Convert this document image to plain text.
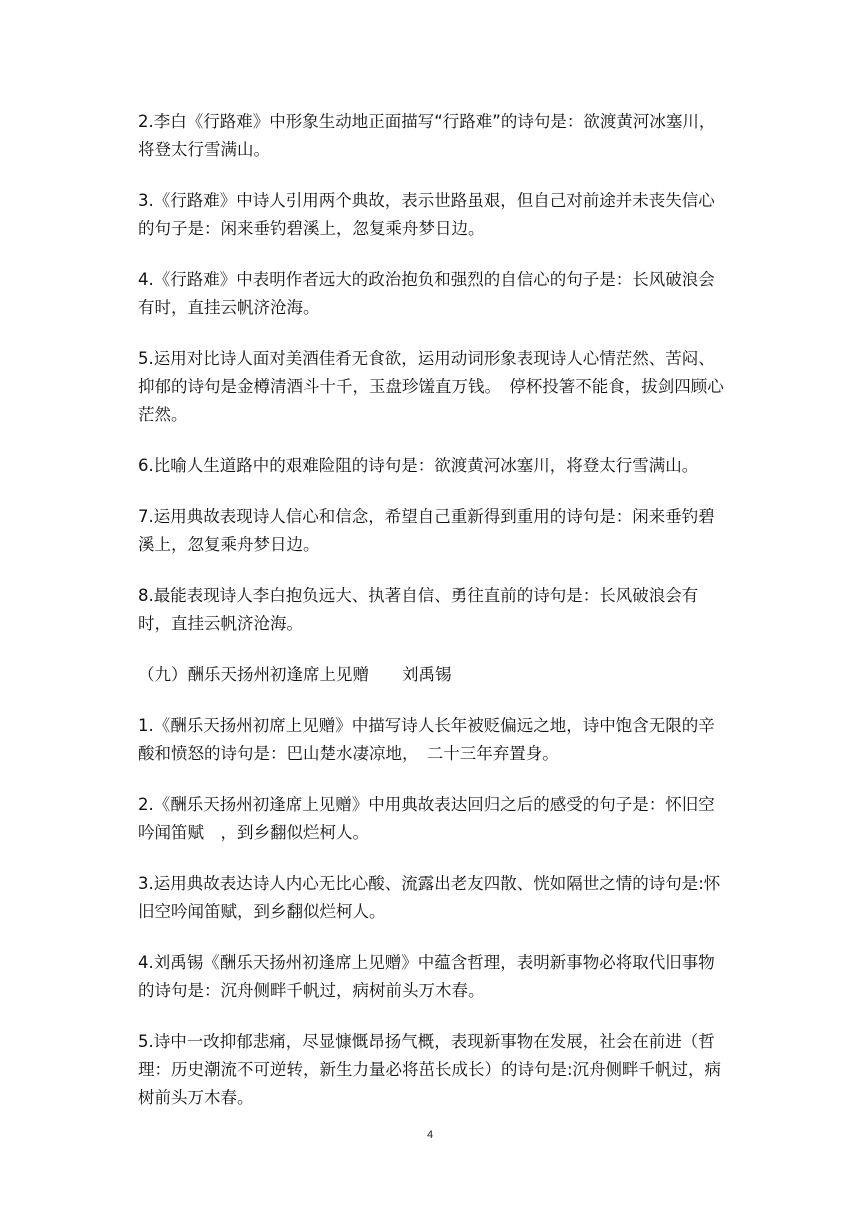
2.李白《行路难》中形象生动地正面描写“行路难”的诗句是：欲渡黄河冰塞川，将登太行雪满山。

3.《行路难》中诗人引用两个典故，表示世路虽艰，但自己对前途并未丧失信心的句子是：闲来垂钓碧溪上，忽复乘舟梦日边。

4.《行路难》中表明作者远大的政治抱负和强烈的自信心的句子是：长风破浪会有时，直挂云帆济沧海。

5.运用对比诗人面对美酒佳肴无食欲，运用动词形象表现诗人心情茫然、苦闷、抑郁的诗句是金樽清酒斗十千，玉盘珍馐直万钱。　停杯投箸不能食，拔剑四顾心茫然。

6.比喻人生道路中的艰难险阻的诗句是：欲渡黄河冰塞川，将登太行雪满山。

7.运用典故表现诗人信心和信念，希望自己重新得到重用的诗句是：闲来垂钓碧溪上，忽复乘舟梦日边。

8.最能表现诗人李白抱负远大、执著自信、勇往直前的诗句是：长风破浪会有时，直挂云帆济沧海。

（九）酬乐天扬州初逢席上见赠　　刘禹锡

1.《酬乐天扬州初席上见赠》中描写诗人长年被贬偏远之地，诗中饱含无限的辛酸和愤怒的诗句是：巴山楚水凄凉地，　二十三年弃置身。

2.《酬乐天扬州初逢席上见赠》中用典故表达回归之后的感受的句子是：怀旧空吟闻笛赋　，到乡翻似烂柯人。

3.运用典故表达诗人内心无比心酸、流露出老友四散、恍如隔世之情的诗句是:怀旧空吟闻笛赋，到乡翻似烂柯人。

4.刘禹锡《酬乐天扬州初逢席上见赠》中蕴含哲理，表明新事物必将取代旧事物的诗句是：沉舟侧畔千帆过，病树前头万木春。

5.诗中一改抑郁悲痛，尽显慷慨昂扬气概，表现新事物在发展，社会在前进（哲理：历史潮流不可逆转，新生力量必将茁长成长）的诗句是:沉舟侧畔千帆过，病树前头万木春。

4
